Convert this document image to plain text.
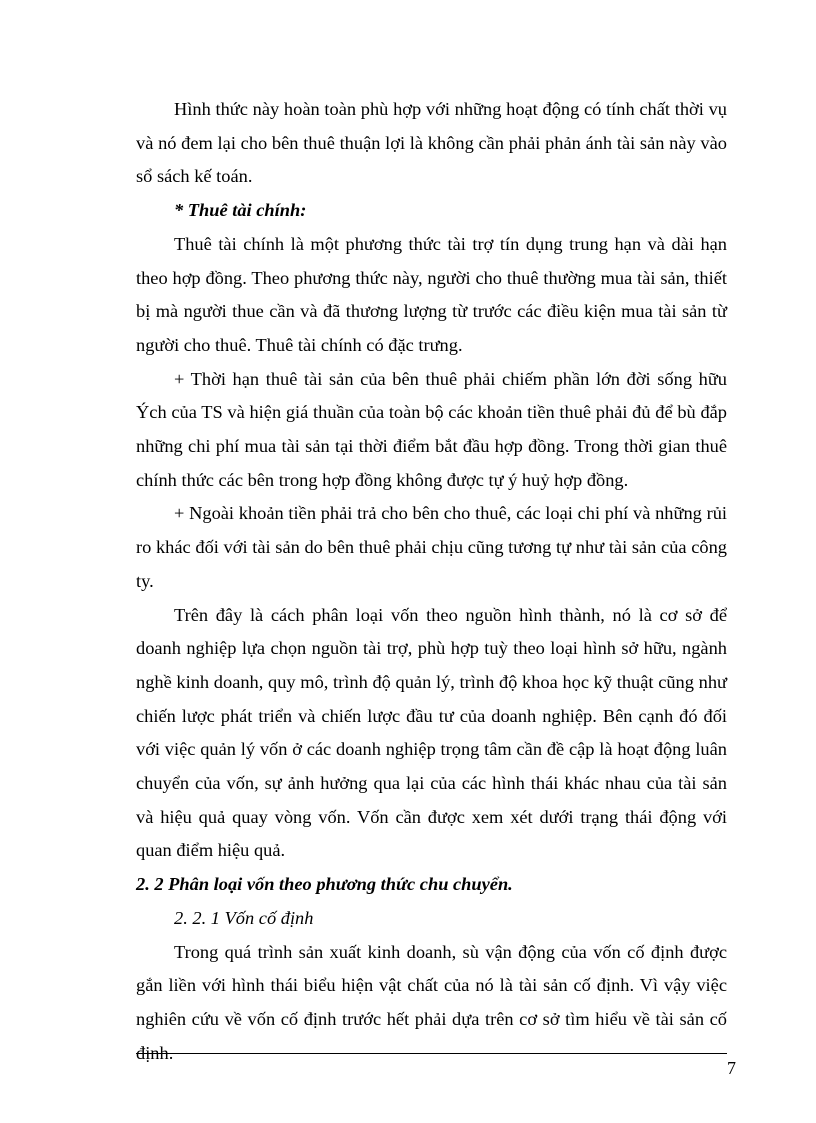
Hình thức này hoàn toàn phù hợp với những hoạt động có tính chất thời vụ và nó đem lại cho bên thuê thuận lợi là không cần phải phản ánh tài sản này vào sổ sách kế toán.

* Thuê tài chính:

Thuê tài chính là một phương thức tài trợ tín dụng trung hạn và dài hạn theo hợp đồng. Theo phương thức này, người cho thuê thường mua tài sản, thiết bị mà người thue cần và đã thương lượng từ trước các điều kiện mua tài sản từ người cho thuê. Thuê tài chính có đặc trưng.

+ Thời hạn thuê tài sản của bên thuê phải chiếm phần lớn đời sống hữu Ých của TS và hiện giá thuần của toàn bộ các khoản tiền thuê phải đủ để bù đắp những chi phí mua tài sản tại thời điểm bắt đầu hợp đồng. Trong thời gian thuê chính thức các bên trong hợp đồng không được tự ý huỷ hợp đồng.

+ Ngoài khoản tiền phải trả cho bên cho thuê, các loại chi phí và những rủi ro khác đối với tài sản do bên thuê phải chịu cũng tương tự như tài sản của công ty.

Trên đây là cách phân loại vốn theo nguồn hình thành, nó là cơ sở để doanh nghiệp lựa chọn nguồn tài trợ, phù hợp tuỳ theo loại hình sở hữu, ngành nghề kinh doanh, quy mô, trình độ quản lý, trình độ khoa học kỹ thuật cũng như chiến lược phát triển và chiến lược đầu tư của doanh nghiệp. Bên cạnh đó đối với việc quản lý vốn ở các doanh nghiệp trọng tâm cần đề cập là hoạt động luân chuyển của vốn, sự ảnh hưởng qua lại của các hình thái khác nhau của tài sản và hiệu quả quay vòng vốn. Vốn cần được xem xét dưới trạng thái động với quan điểm hiệu quả.

2. 2 Phân loại vốn theo phương thức chu chuyển.

2. 2. 1 Vốn cố định

Trong quá trình sản xuất kinh doanh, sù vận động của vốn cố định được gắn liền với hình thái biểu hiện vật chất của nó là tài sản cố định. Vì vậy việc nghiên cứu về vốn cố định trước hết phải dựa trên cơ sở tìm hiểu về tài sản cố định.

7
